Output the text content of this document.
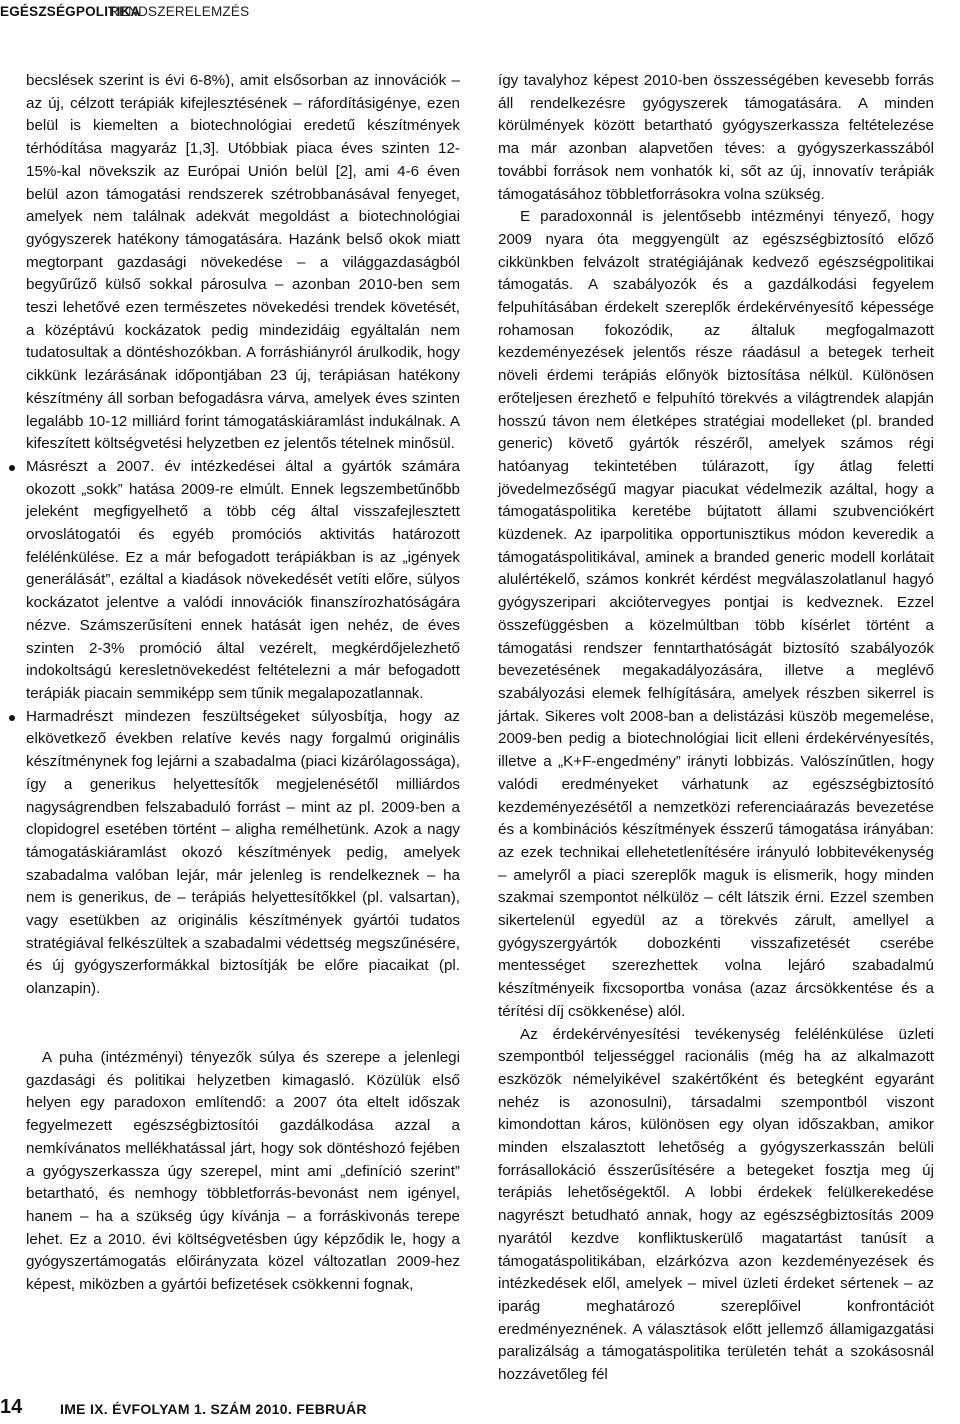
EGÉSZSÉGPOLITIKA
RENDSZERELEMZÉS

becslések szerint is évi 6-8%), amit elsősorban az innovációk – az új, célzott terápiák kifejlesztésének – ráfordításigénye, ezen belül is kiemelten a biotechnológiai eredetű készítmények térhódítása magyaráz [1,3]. Utóbbiak piaca éves szinten 12-15%-kal növekszik az Európai Unión belül [2], ami 4-6 éven belül azon támogatási rendszerek szétrobbanásával fenyeget, amelyek nem találnak adekvát megoldást a biotechnológiai gyógyszerek hatékony támogatására. Hazánk belső okok miatt megtorpant gazdasági növekedése – a világgazdaságból begyűrűző külső sokkal párosulva – azonban 2010-ben sem teszi lehetővé ezen természetes növekedési trendek követését, a középtávú kockázatok pedig mindezidáig egyáltalán nem tudatosultak a döntéshozókban. A forráshiányról árulkodik, hogy cikkünk lezárásának időpontjában 23 új, terápiásan hatékony készítmény áll sorban befogadásra várva, amelyek éves szinten legalább 10-12 milliárd forint támogatáskiáramlást indukálnak. A kifeszített költségvetési helyzetben ez jelentős tételnek minősül.

Másrészt a 2007. év intézkedései által a gyártók számára okozott „sokk” hatása 2009-re elmúlt. Ennek legszembetűnőbb jeleként megfigyelhető a több cég által visszafejlesztett orvoslátogatói és egyéb promóciós aktivitás határozott felélénkülése. Ez a már befogadott terápiákban is az „igények generálását”, ezáltal a kiadások növekedését vetíti előre, súlyos kockázatot jelentve a valódi innovációk finanszírozhatóságára nézve. Számszerűsíteni ennek hatását igen nehéz, de éves szinten 2-3% promóció által vezérelt, megkérdőjelezhető indokoltságú keresletnövekedést feltételezni a már befogadott terápiák piacain semmiképp sem tűnik megalapozatlannak.

Harmadrészt mindezen feszültségeket súlyosbítja, hogy az elkövetkező években relatíve kevés nagy forgalmú originális készítménynek fog lejárni a szabadalma (piaci kizárólagossága), így a generikus helyettesítők megjelenésétől milliárdos nagyságrendben felszabaduló forrást – mint az pl. 2009-ben a clopidogrel esetében történt – aligha remélhetünk. Azok a nagy támogatáskiáramlást okozó készítmények pedig, amelyek szabadalma valóban lejár, már jelenleg is rendelkeznek – ha nem is generikus, de – terápiás helyettesítőkkel (pl. valsartan), vagy esetükben az originális készítmények gyártói tudatos stratégiával felkészültek a szabadalmi védettség megszűnésére, és új gyógyszerformákkal biztosítják be előre piacaikat (pl. olanzapin).

A puha (intézményi) tényezők súlya és szerepe a jelenlegi gazdasági és politikai helyzetben kimagasló. Közülük első helyen egy paradoxon említendő: a 2007 óta eltelt időszak fegyelmezett egészségbiztosítói gazdálkodása azzal a nemkívánatos mellékhatással járt, hogy sok döntéshozó fejében a gyógyszerkassza úgy szerepel, mint ami „definíció szerint” betartható, és nemhogy többletforrás-bevonást nem igényel, hanem – ha a szükség úgy kívánja – a forráskivonás terepe lehet. Ez a 2010. évi költségvetésben úgy képződik le, hogy a gyógyszertámogatás előirányzata közel változatlan 2009-hez képest, miközben a gyártói befizetések csökkenni fognak,

így tavalyhoz képest 2010-ben összességében kevesebb forrás áll rendelkezésre gyógyszerek támogatására. A minden körülmények között betartható gyógyszerkassza feltételezése ma már azonban alapvetően téves: a gyógyszerkasszából további források nem vonhatók ki, sőt az új, innovatív terápiák támogatásához többletforrásokra volna szükség.

E paradoxonnál is jelentősebb intézményi tényező, hogy 2009 nyara óta meggyengült az egészségbiztosító előző cikkünkben felvázolt stratégiájának kedvező egészségpolitikai támogatás. A szabályozók és a gazdálkodási fegyelem felpuhításában érdekelt szereplők érdekérvényesítő képessége rohamosan fokozódik, az általuk megfogalmazott kezdeményezések jelentős része ráadásul a betegek terheit növeli érdemi terápiás előnyök biztosítása nélkül. Különösen erőteljesen érezhető e felpuhító törekvés a világtrendek alapján hosszú távon nem életképes stratégiai modelleket (pl. branded generic) követő gyártók részéről, amelyek számos régi hatóanyag tekintetében túlárazott, így átlag feletti jövedelmezőségű magyar piacukat védelmezik azáltal, hogy a támogatáspolitika keretébe bújtatott állami szubvenciókért küzdenek. Az iparpolitika opportunisztikus módon keveredik a támogatáspolitikával, aminek a branded generic modell korlátait alulértékelő, számos konkrét kérdést megválaszolatlanul hagyó gyógyszeripari akciótervegyes pontjai is kedveznek. Ezzel összefüggésben a közelmúltban több kísérlet történt a támogatási rendszer fenntarthatóságát biztosító szabályozók bevezetésének megakadályozására, illetve a meglévő szabályozási elemek felhígítására, amelyek részben sikerrel is jártak. Sikeres volt 2008-ban a delistázási küszöb megemelése, 2009-ben pedig a biotechnológiai licit elleni érdekérvényesítés, illetve a „K+F-engedmény” irányti lobbizás. Valószínűtlen, hogy valódi eredményeket várhatunk az egészségbiztosító kezdeményezésétől a nemzetközi referenciaárazás bevezetése és a kombinációs készítmények ésszerű támogatása irányában: az ezek technikai ellehetetlenítésére irányuló lobbitevékenység – amelyről a piaci szereplők maguk is elismerik, hogy minden szakmai szempontot nélkülöz – célt látszik érni. Ezzel szemben sikertelenül egyedül az a törekvés zárult, amellyel a gyógyszergyártók dobozkénti visszafizetését cserébe mentességet szerezhettek volna lejáró szabadalmú készítményeik fixcsoportba vonása (azaz árcsökkentése és a térítési díj csökkenése) alól.

Az érdekérvényesítési tevékenység felélénkülése üzleti szempontból teljességgel racionális (még ha az alkalmazott eszközök némelyikével szakértőként és betegként egyaránt nehéz is azonosulni), társadalmi szempontból viszont kimondottan káros, különösen egy olyan időszakban, amikor minden elszalasztott lehetőség a gyógyszerkasszán belüli forrásallokáció ésszerűsítésére a betegeket fosztja meg új terápiás lehetőségektől. A lobbi érdekek felülkerekedése nagyrészt betudható annak, hogy az egészségbiztosítás 2009 nyarától kezdve konfliktuskerülő magatartást tanúsít a támogatáspolitikában, elzárkózva azon kezdeményezések és intézkedések elől, amelyek – mivel üzleti érdeket sértenek – az iparág meghatározó szereplőivel konfrontációt eredményeznének. A választások előtt jellemző államigazgatási paralizálság a támogatáspolitika területén tehát a szokásosnál hozzávetőleg fél

14	IME IX. ÉVFOLYAM 1. SZÁM 2010. FEBRUÁR
